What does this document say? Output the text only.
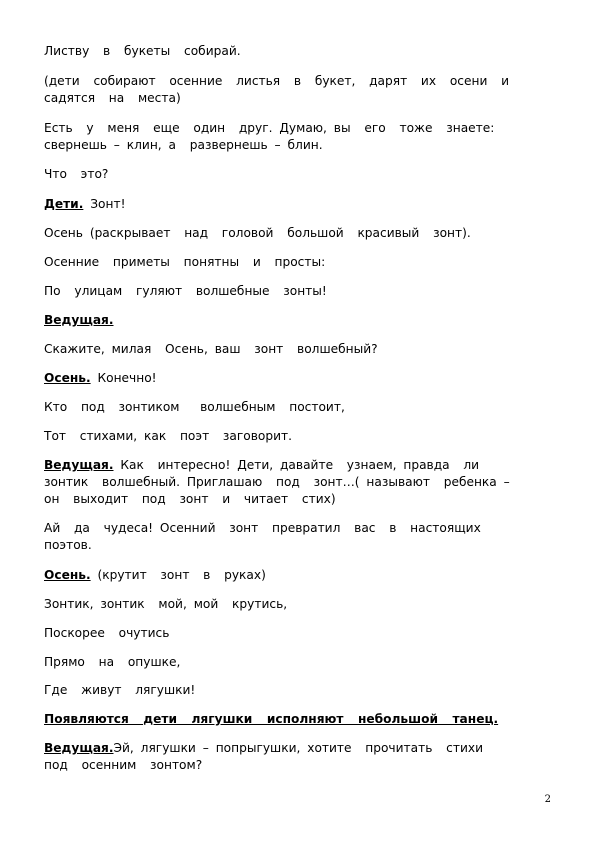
Листву  в  букеты  собирай.
(дети  собирают  осенние  листья  в  букет,  дарят  их  осени  и
садятся  на  места)
Есть  у  меня  еще  один  друг. Думаю, вы  его  тоже  знаете:
свернешь – клин, а  развернешь – блин.
Что  это?
Дети. Зонт!
Осень (раскрывает  над  головой  большой  красивый  зонт).
Осенние  приметы  понятны  и  просты:
По  улицам  гуляют  волшебные  зонты!
Ведущая.
Скажите, милая  Осень, ваш  зонт  волшебный?
Осень. Конечно!
Кто  под  зонтиком   волшебным  постоит,
Тот  стихами, как  поэт  заговорит.
Ведущая. Как  интересно! Дети, давайте  узнаем, правда  ли
зонтик  волшебный. Приглашаю  под  зонт…( называют  ребенка –
он  выходит  под  зонт  и  читает  стих)
Ай  да  чудеса! Осенний  зонт  превратил  вас  в  настоящих
поэтов.
Осень. (крутит  зонт  в  руках)
Зонтик, зонтик  мой, мой  крутись,
Поскорее  очутись
Прямо  на  опушке,
Где  живут  лягушки!
Появляются  дети  лягушки  исполняют  небольшой  танец.
Ведущая.Эй, лягушки – попрыгушки, хотите  прочитать  стихи
под  осенним  зонтом?
2
